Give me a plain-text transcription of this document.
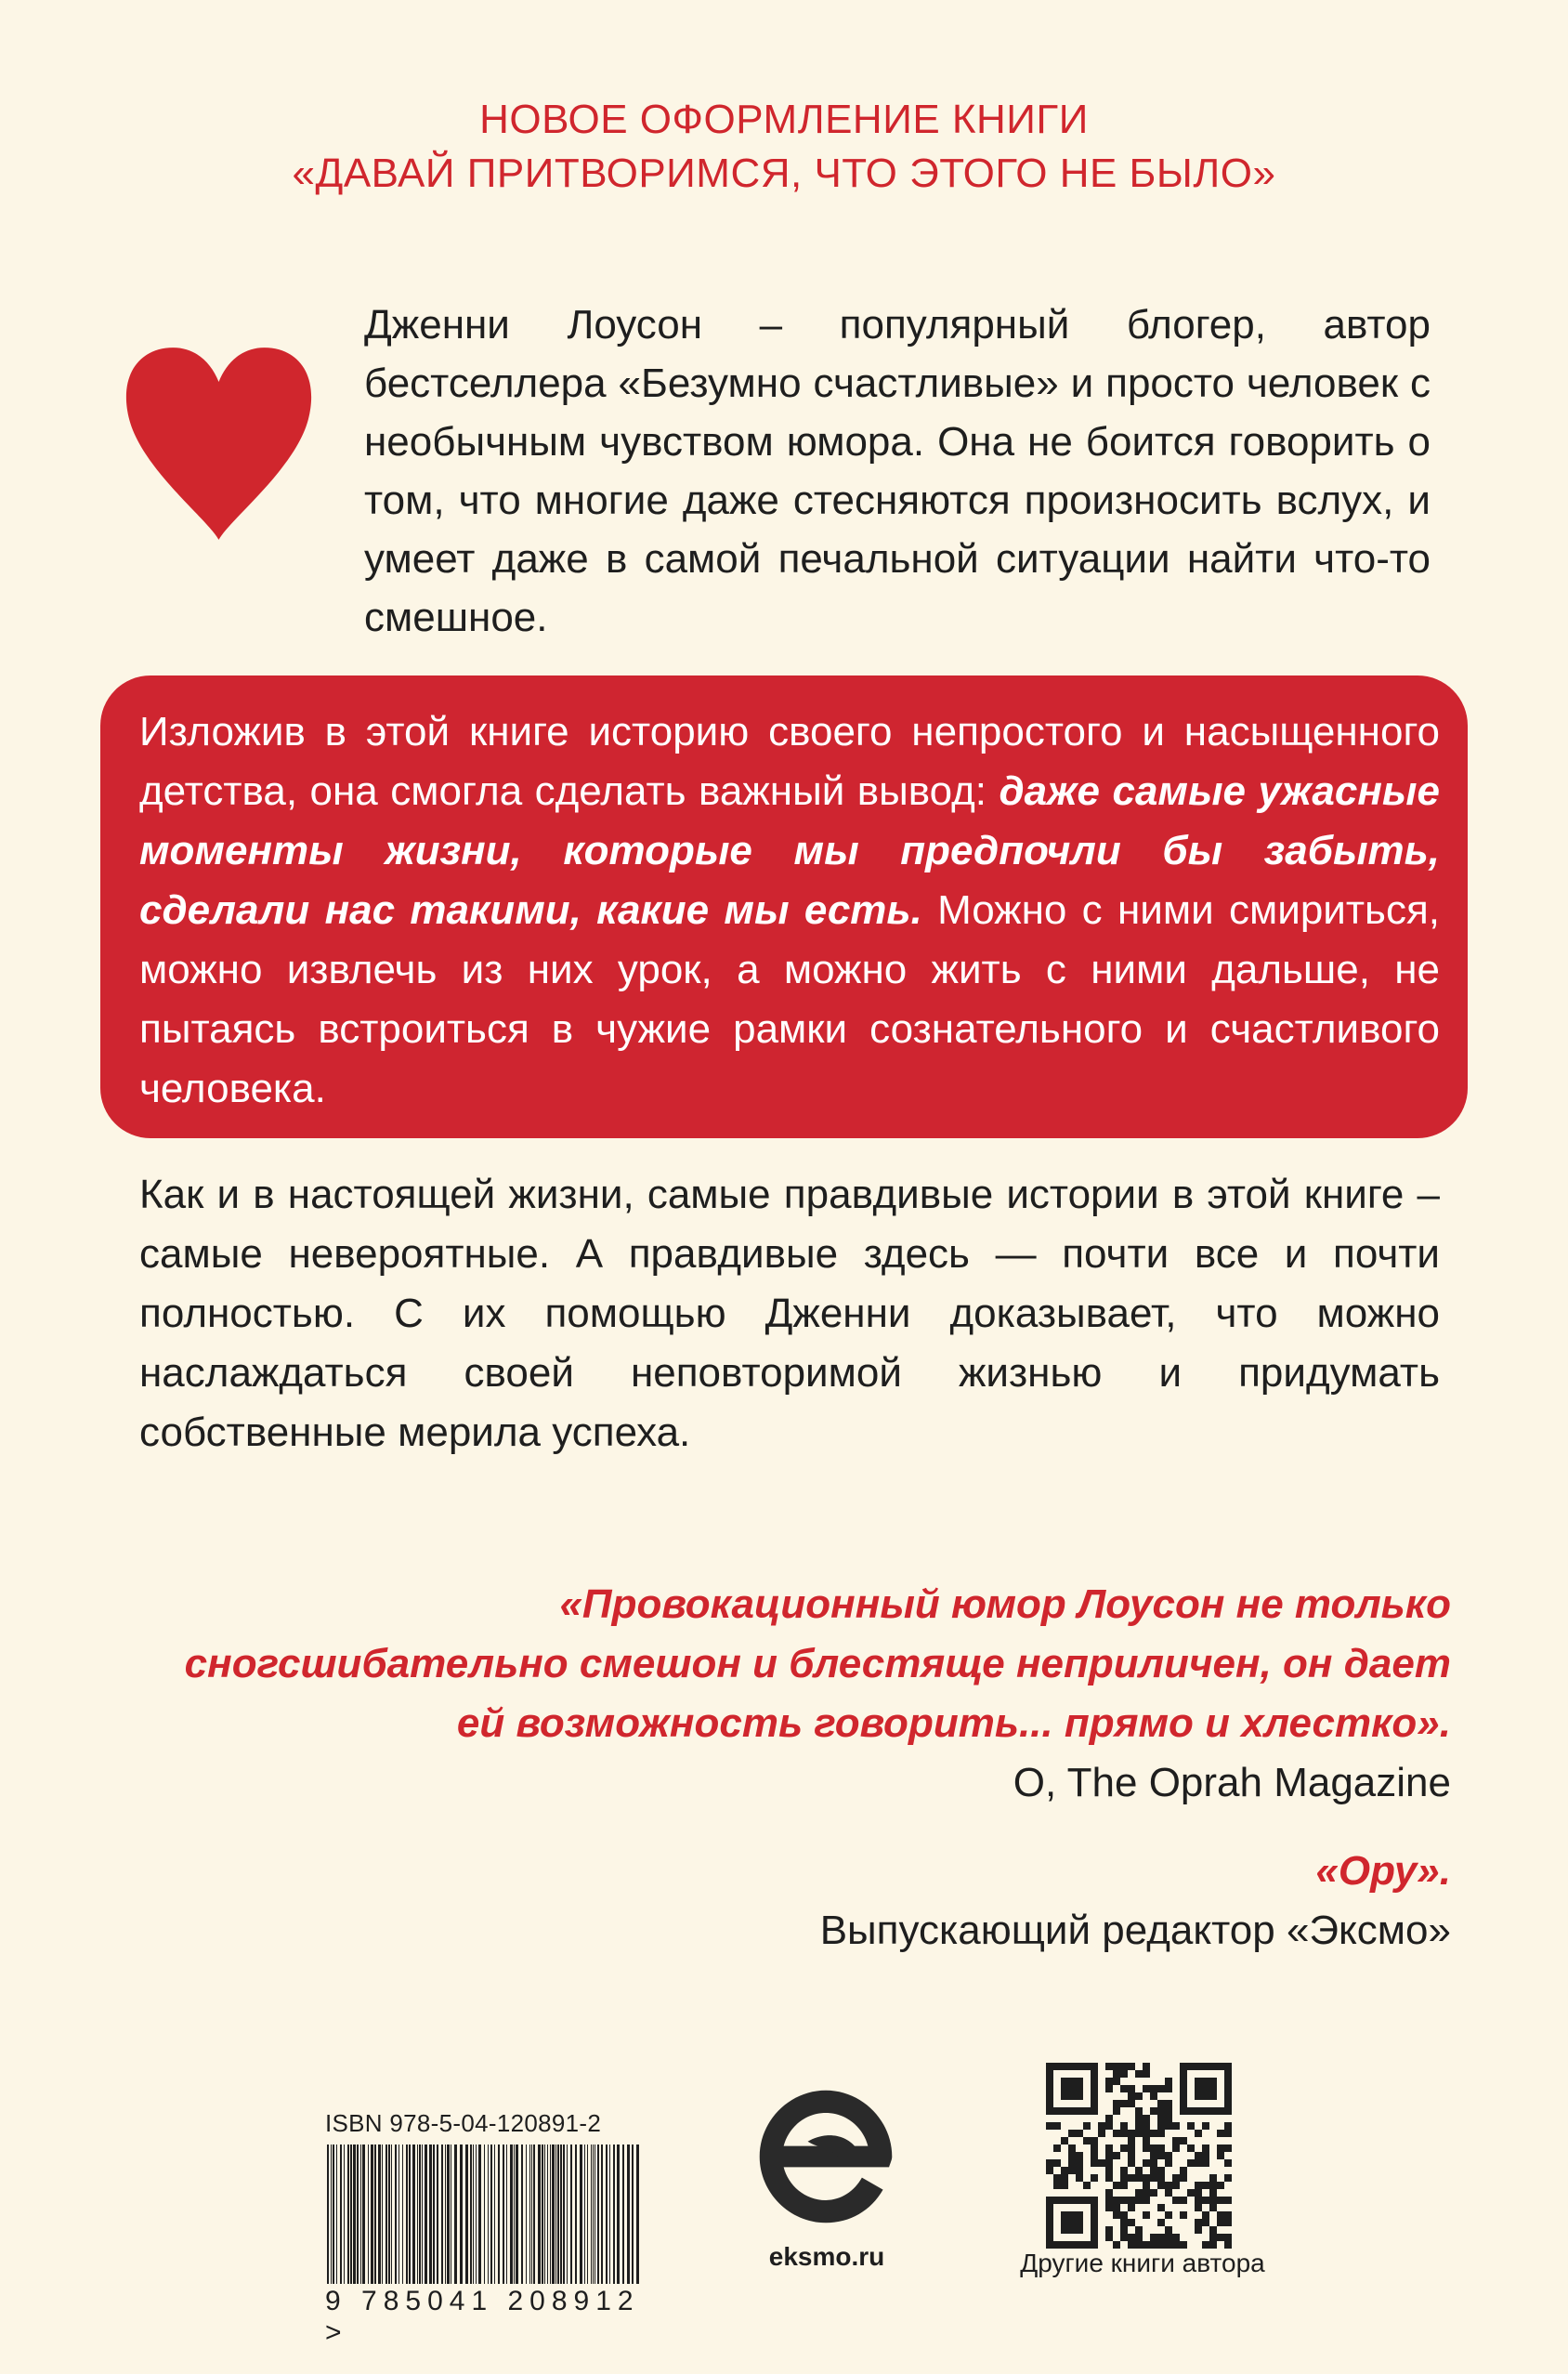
НОВОЕ ОФОРМЛЕНИЕ КНИГИ
«ДАВАЙ ПРИТВОРИМСЯ, ЧТО ЭТОГО НЕ БЫЛО»
Дженни Лоусон – популярный блогер, автор бестселлера «Безумно счастливые» и просто человек с необычным чувством юмора. Она не боится говорить о том, что многие даже стесняются произносить вслух, и умеет даже в самой печальной ситуации найти что-то смешное.
Изложив в этой книге историю своего непростого и насыщенного детства, она смогла сделать важный вывод: даже самые ужасные моменты жизни, которые мы предпочли бы забыть, сделали нас такими, какие мы есть. Можно с ними смириться, можно извлечь из них урок, а можно жить с ними дальше, не пытаясь встроиться в чужие рамки сознательного и счастливого человека.
Как и в настоящей жизни, самые правдивые истории в этой книге – самые невероятные. А правдивые здесь — почти все и почти полностью. С их помощью Дженни доказывает, что можно наслаждаться своей неповторимой жизнью и придумать собственные мерила успеха.
«Провокационный юмор Лоусон не только
сногсшибательно смешон и блестяще неприличен, он дает
ей возможность говорить... прямо и хлестко».
O, The Oprah Magazine
«Ору».
Выпускающий редактор «Эксмо»
ISBN 978-5-04-120891-2
9 785041 208912 >
eksmo.ru	Другие книги автора
